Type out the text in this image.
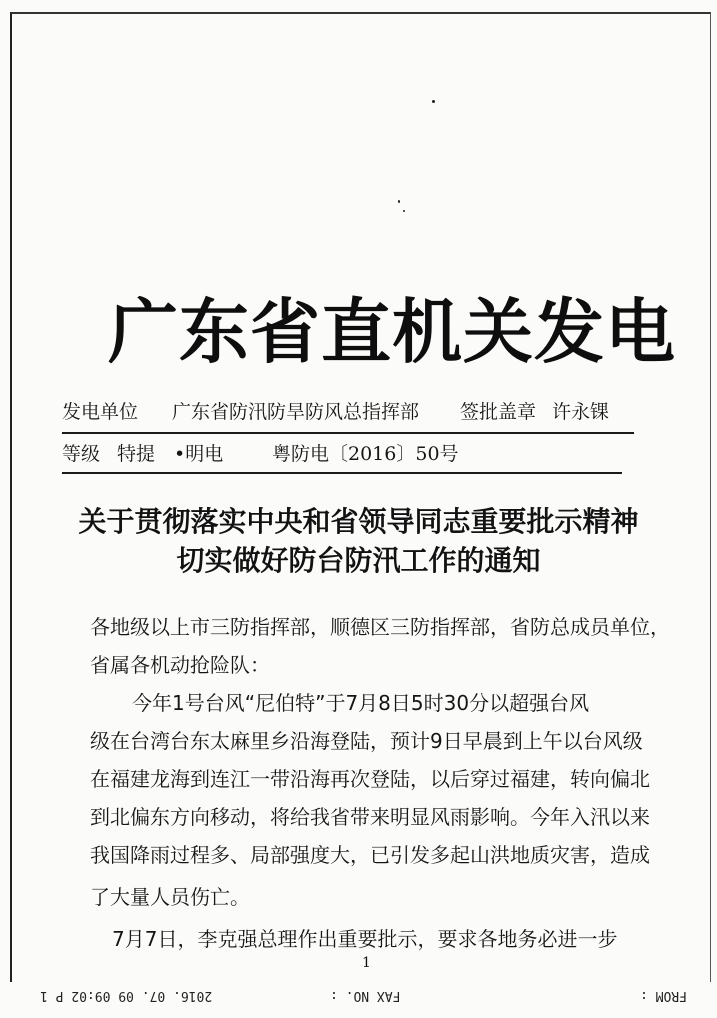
广东省直机关发电
发电单位 广东省防汛防旱防风总指挥部 签批盖章 许永锞
等级 特提 •明电	粤防电〔2016〕50号
关于贯彻落实中央和省领导同志重要批示精神
切实做好防台防汛工作的通知
各地级以上市三防指挥部，顺德区三防指挥部，省防总成员单位，
省属各机动抢险队：
今年1号台风“尼伯特”于7月8日5时30分以超强台风
级在台湾台东太麻里乡沿海登陆，预计9日早晨到上午以台风级
在福建龙海到连江一带沿海再次登陆，以后穿过福建，转向偏北
到北偏东方向移动，将给我省带来明显风雨影响。今年入汛以来
我国降雨过程多、局部强度大，已引发多起山洪地质灾害，造成
了大量人员伤亡。
1
2016. 07. 09 09:02 P 1	FAX NO. :	FROM :
7月7日，李克强总理作出重要批示，要求各地务必进一步
